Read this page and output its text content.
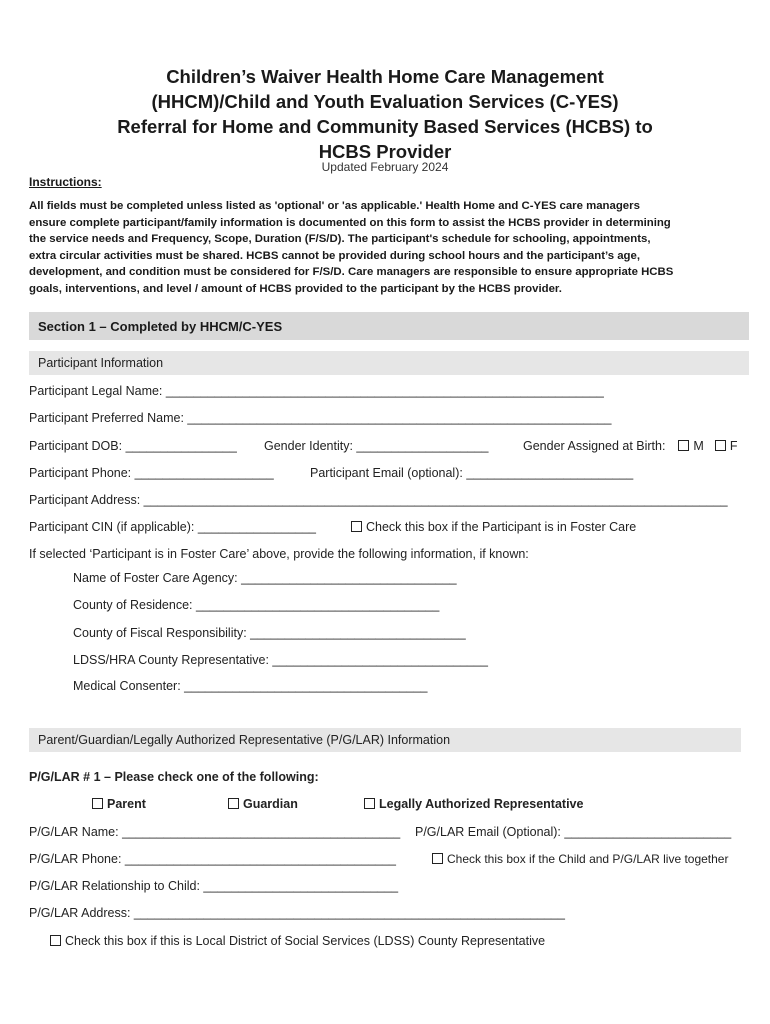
Children’s Waiver Health Home Care Management
(HHCM)/Child and Youth Evaluation Services (C-YES)
Referral for Home and Community Based Services (HCBS) to
HCBS Provider
Updated February 2024
Instructions:
All fields must be completed unless listed as 'optional' or 'as applicable.' Health Home and C-YES care managers
ensure complete participant/family information is documented on this form to assist the HCBS provider in determining
the service needs and Frequency, Scope, Duration (F/S/D). The participant's schedule for schooling, appointments,
extra circular activities must be shared. HCBS cannot be provided during school hours and the participant’s age,
development, and condition must be considered for F/S/D. Care managers are responsible to ensure appropriate HCBS
goals, interventions, and level / amount of HCBS provided to the participant by the HCBS provider.
Section 1 – Completed by HHCM/C-YES
Participant Information
Participant Legal Name: _______________________________________________________________
Participant Preferred Name: _____________________________________________________________
Participant DOB: ________________ Gender Identity: ___________________	Gender Assigned at Birth: M F
Participant Phone: ____________________	Participant Email (optional): ________________________
Participant Address: ____________________________________________________________________________________
Participant CIN (if applicable): _________________	Check this box if the Participant is in Foster Care
If selected ‘Participant is in Foster Care’ above, provide the following information, if known:
Name of Foster Care Agency: _______________________________
County of Residence: ___________________________________
County of Fiscal Responsibility: _______________________________
LDSS/HRA County Representative: _______________________________
Medical Consenter: ___________________________________
Parent/Guardian/Legally Authorized Representative (P/G/LAR) Information
P/G/LAR # 1 – Please check one of the following:
Parent	Guardian	Legally Authorized Representative
P/G/LAR Name: ________________________________________ P/G/LAR Email (Optional): ________________________
P/G/LAR Phone: _______________________________________	Check this box if the Child and P/G/LAR live together
P/G/LAR Relationship to Child: ____________________________
P/G/LAR Address: ______________________________________________________________
Check this box if this is Local District of Social Services (LDSS) County Representative
